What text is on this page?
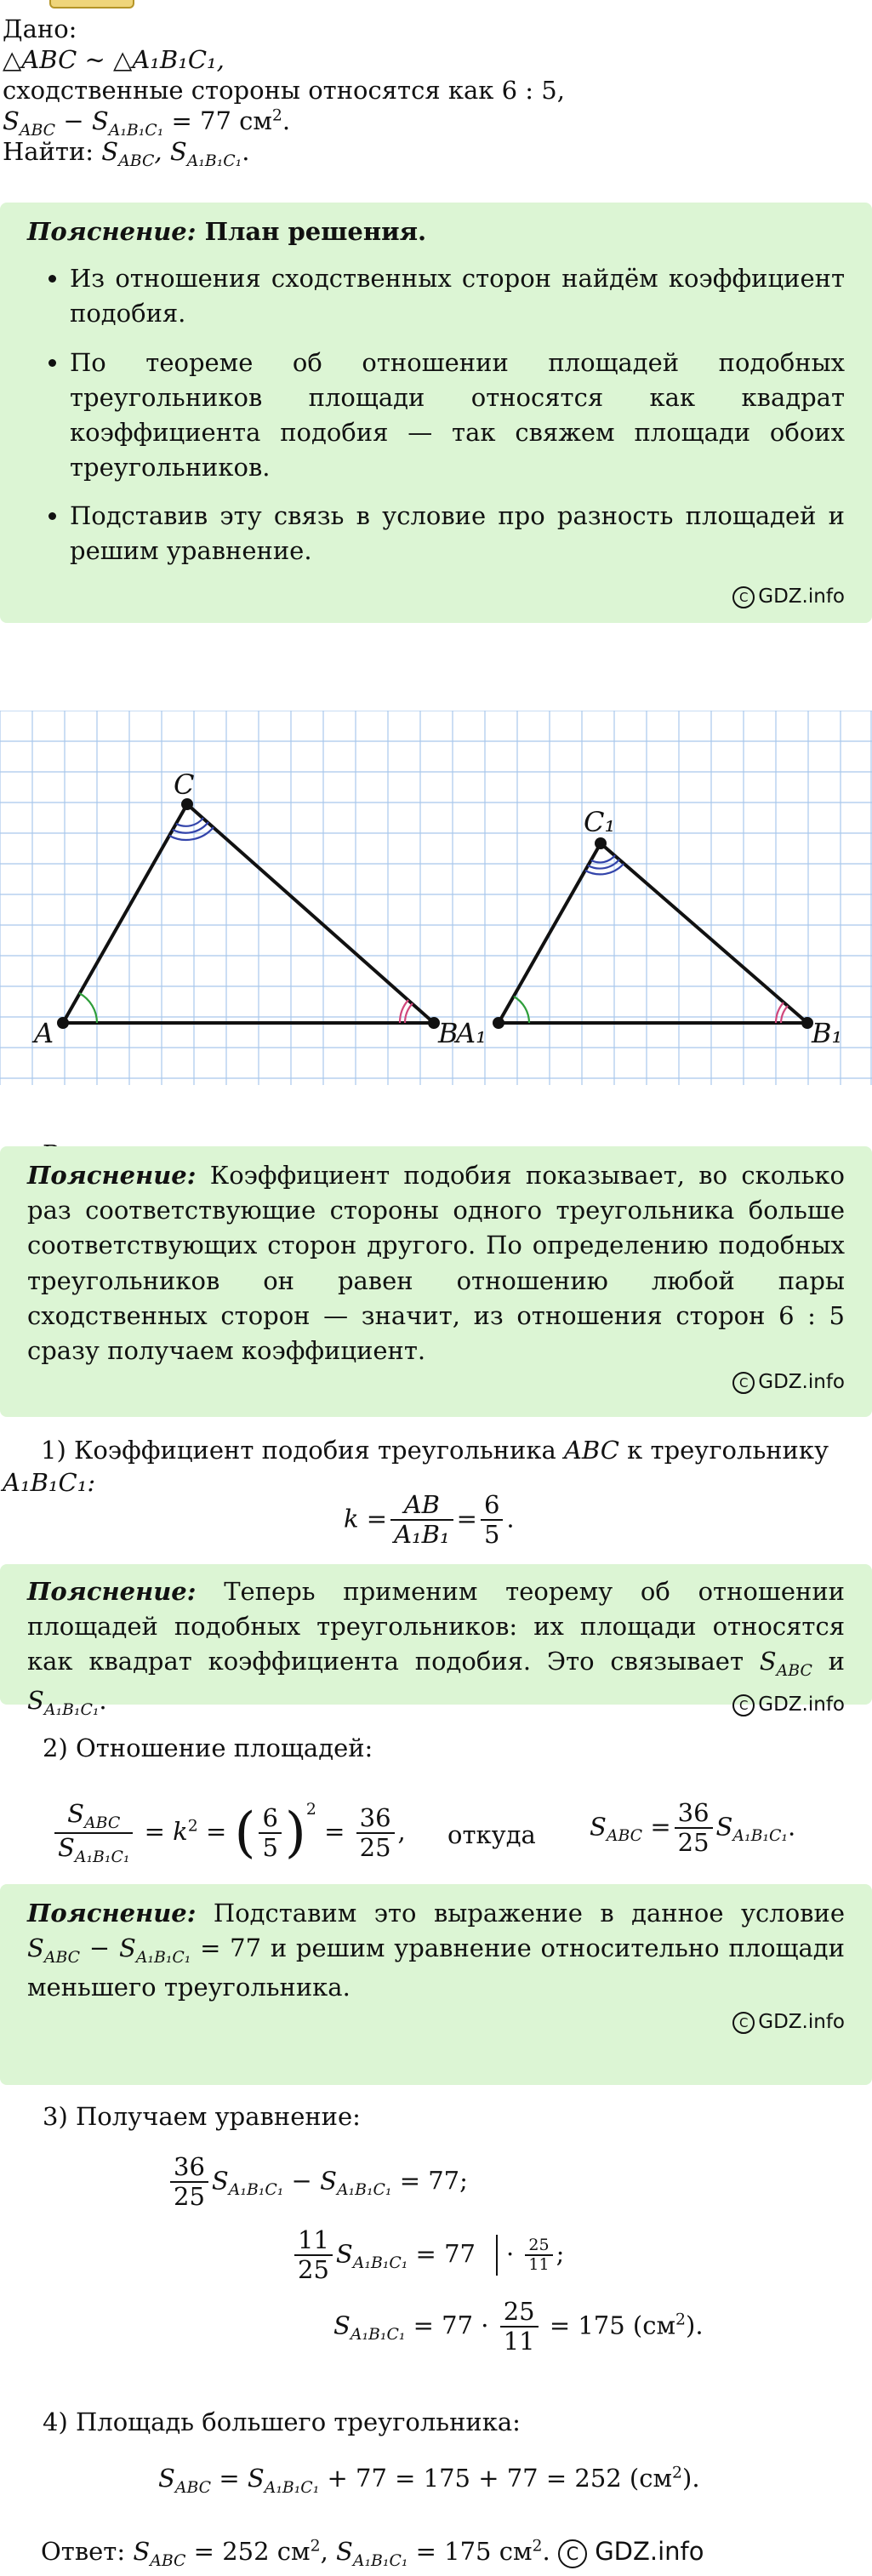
Дано:
△ABC ∼ △A₁B₁C₁,
сходственные стороны относятся как 6 : 5,
$S_{ABC} - S_{A_1B_1C_1} = 77$ $см^2$.
Найти: $S_{ABC}$, $S_{A_1B_1C_1}$.

Пояснение: План решения.

• Из отношения сходственных сторон найдём коэффициент подобия.
• По теореме об отношении площадей подобных треугольников площади относятся как квадрат коэффициента подобия — так свяжем площади обоих треугольников.
• Подставив эту связь в условие про разность площадей и решим уравнение.
C GDZ.info
A	B
C
A₁	B₁
C₁

Пояснение: Коэффициент подобия показывает, во сколько раз соответствующие стороны одного треугольника больше соответствующих сторон другого. По определению подобных треугольников он равен отношению любой пары сходственных сторон — значит, из отношения сторон 6 : 5 сразу получаем коэффициент.

C GDZ.info
1) Коэффициент подобия треугольника ABC к треугольнику
A₁B₁C₁:
$k = \frac{AB}{\text{A₁B₁}} = \frac{6}{5}$ .

Пояснение: Теперь применим теорему об отношении площадей подобных треугольников: их площади относятся как квадрат коэффициента подобия. Это связывает $S_{ABC}$ и $S_{A_1B_1C_1}$.	C GDZ.info
2) Отношение площадей:
$\frac{S_{ABC}}{S_{A_1B_1C_1}} = k^2$ = ( $\frac{6}{5} )^2 = \frac{36}{25}$ , откуда $S_{ABC} = \frac{36}{25} S_{A_1B_1C_1}$.

Пояснение: Подставим это выражение в данное условие $S_{ABC} - S_{A_1B_1C_1} = 77$ и решим уравнение относительно площади меньшего треугольника.

C GDZ.info
3) Получаем уравнение:
$\frac{36}{25} S_{A_1B_1C_1} - S_{A_1B_1C_1} = 77$;
$\frac{11}{25} S_{A_1B_1C_1} = 77 \cdot \frac{25}{11}$ ;
$S_{A_1B_1C_1} = 77 \cdot \frac{25}{11} = 175$ $(см^2)$.
4) Площадь большего треугольника:
$S_{ABC} = S_{A_1B_1C_1} + 77 = 175 + 77 = 252$ $(см^2)$.
Ответ: $S_{ABC} = 252$ $см^2$, $S_{A_1B_1C_1} = 175$ $см^2$. C GDZ.info
